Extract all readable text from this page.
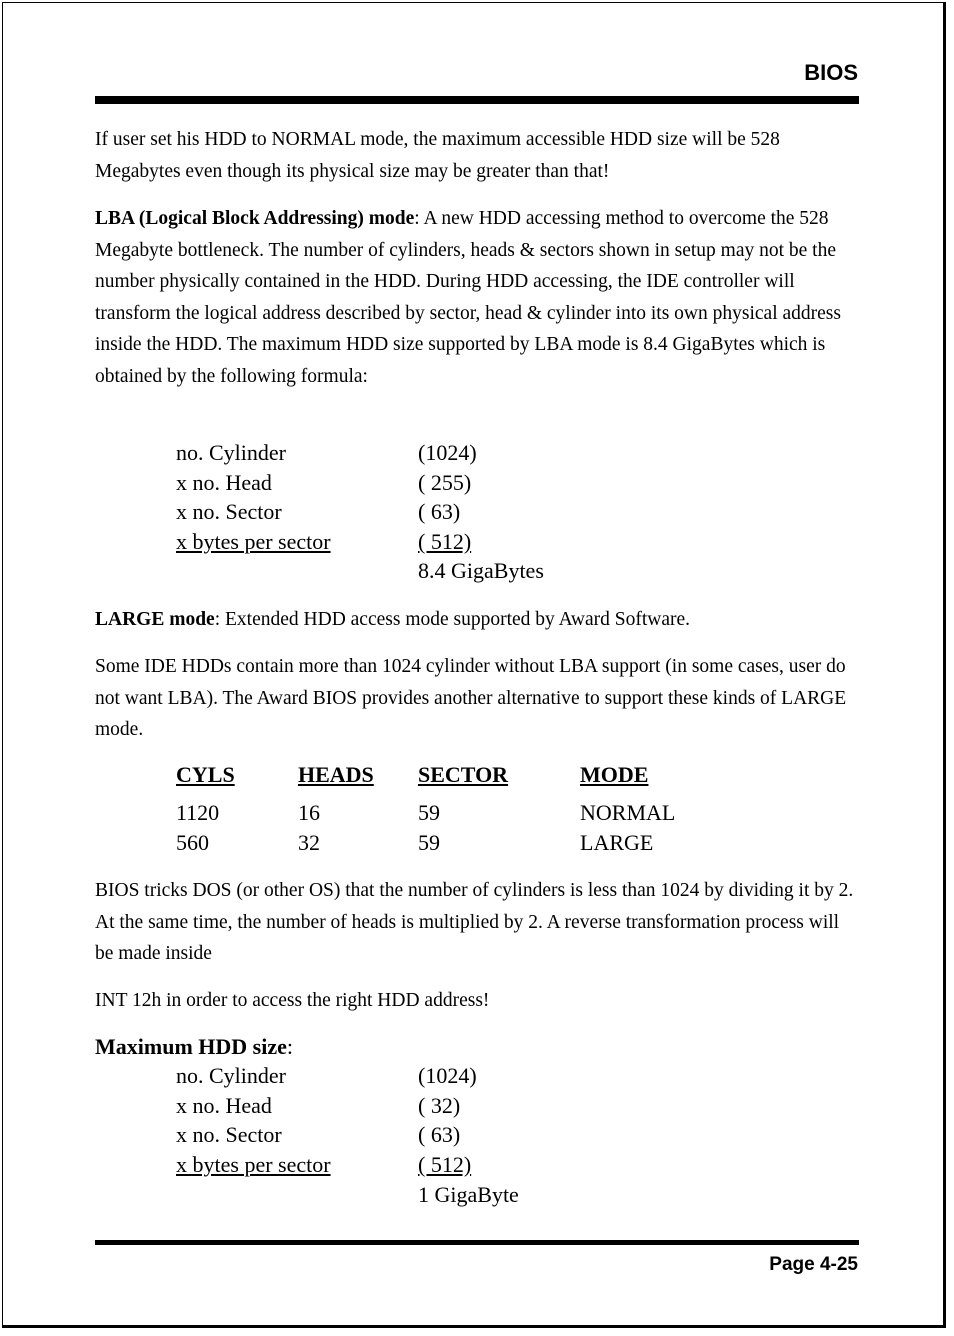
BIOS

If user set his HDD to NORMAL mode, the maximum accessible HDD size will be 528 Megabytes even though its physical size may be greater than that!

LBA (Logical Block Addressing) mode: A new HDD accessing method to overcome the 528 Megabyte bottleneck. The number of cylinders, heads & sectors shown in setup may not be the number physically contained in the HDD. During HDD accessing, the IDE controller will transform the logical address described by sector, head & cylinder into its own physical address inside the HDD. The maximum HDD size supported by LBA mode is 8.4 GigaBytes which is obtained by the following formula:

no. Cylinder	(1024)
x no. Head	( 255)
x no. Sector	( 63)
x bytes per sector	( 512)
8.4 GigaBytes

LARGE mode: Extended HDD access mode supported by Award Software.

Some IDE HDDs contain more than 1024 cylinder without LBA support (in some cases, user do not want LBA). The Award BIOS provides another alternative to support these kinds of LARGE mode.

CYLS	HEADS SECTOR	MODE
1120	16	59	NORMAL
560	32	59	LARGE

BIOS tricks DOS (or other OS) that the number of cylinders is less than 1024 by dividing it by 2. At the same time, the number of heads is multiplied by 2. A reverse transformation process will be made inside

INT 12h in order to access the right HDD address!

Maximum HDD size:
no. Cylinder	(1024)
x no. Head	( 32)
x no. Sector	( 63)
x bytes per sector	( 512)
1 GigaByte
Page 4-25
